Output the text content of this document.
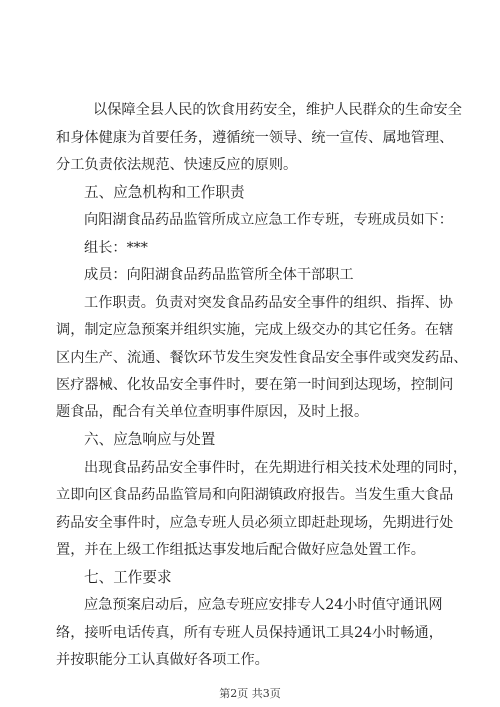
以保障全县人民的饮食用药安全，维护人民群众的生命安全
和身体健康为首要任务，遵循统一领导、统一宣传、属地管理、
分工负责依法规范、快速反应的原则。
五、应急机构和工作职责
向阳湖食品药品监管所成立应急工作专班，专班成员如下：
组长：***
成员：向阳湖食品药品监管所全体干部职工
工作职责。负责对突发食品药品安全事件的组织、指挥、协
调，制定应急预案并组织实施，完成上级交办的其它任务。在辖
区内生产、流通、餐饮环节发生突发性食品安全事件或突发药品、
医疗器械、化妆品安全事件时，要在第一时间到达现场，控制问
题食品，配合有关单位查明事件原因，及时上报。
六、应急响应与处置
出现食品药品安全事件时，在先期进行相关技术处理的同时，
立即向区食品药品监管局和向阳湖镇政府报告。当发生重大食品
药品安全事件时，应急专班人员必须立即赶赴现场，先期进行处
置，并在上级工作组抵达事发地后配合做好应急处置工作。
七、工作要求
应急预案启动后，应急专班应安排专人24小时值守通讯网
络，接听电话传真，所有专班人员保持通讯工具24小时畅通，
并按职能分工认真做好各项工作。
第2页 共3页
